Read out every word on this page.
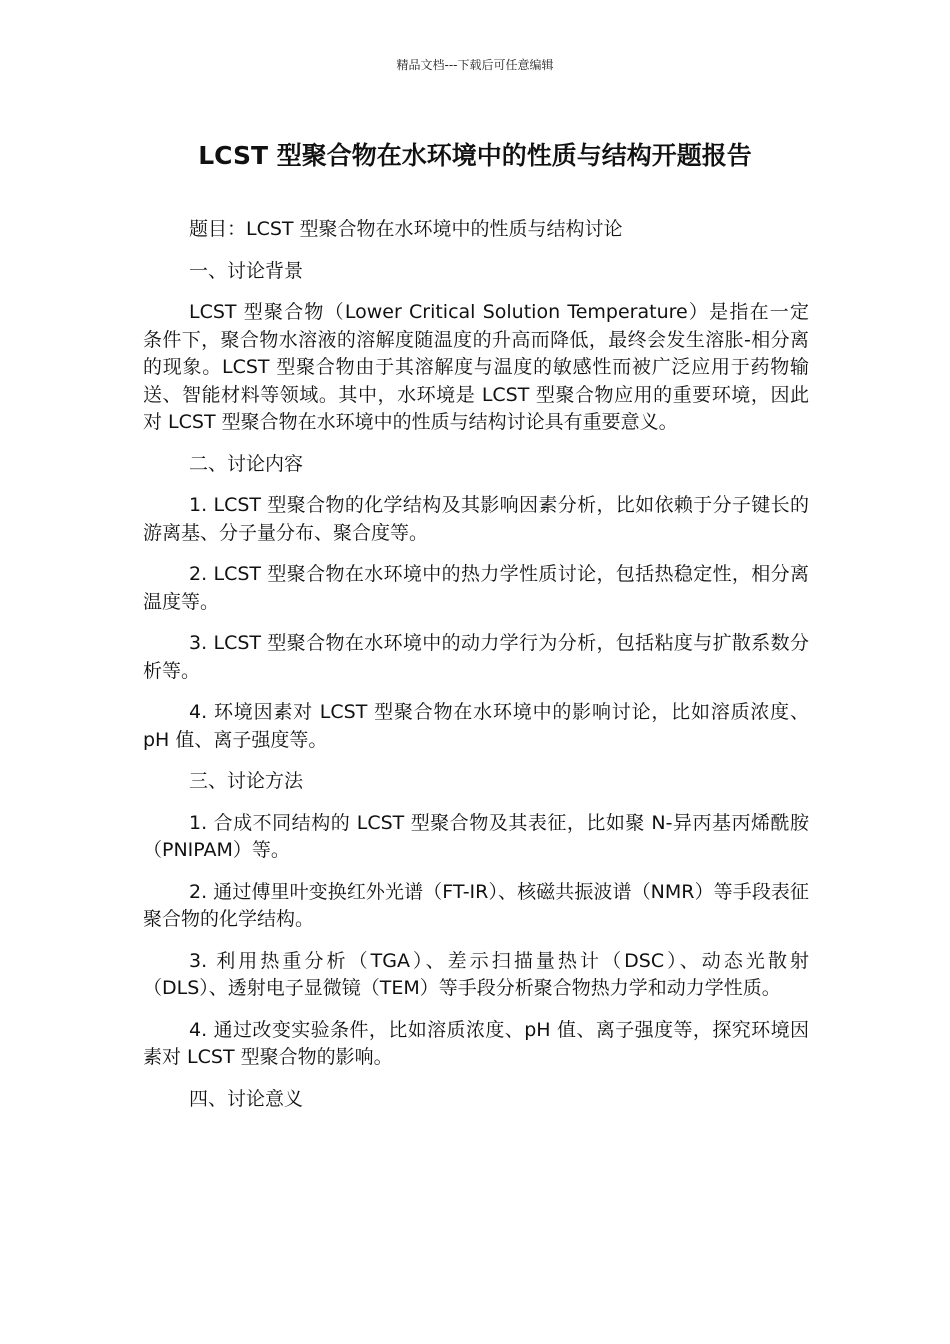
精品文档---下载后可任意编辑
LCST 型聚合物在水环境中的性质与结构开题报告

题目：LCST 型聚合物在水环境中的性质与结构讨论

一、讨论背景

LCST 型聚合物（Lower Critical Solution Temperature）是指在一定条件下，聚合物水溶液的溶解度随温度的升高而降低，最终会发生溶胀-相分离的现象。LCST 型聚合物由于其溶解度与温度的敏感性而被广泛应用于药物输送、智能材料等领域。其中，水环境是 LCST 型聚合物应用的重要环境，因此对 LCST 型聚合物在水环境中的性质与结构讨论具有重要意义。

二、讨论内容

1. LCST 型聚合物的化学结构及其影响因素分析，比如依赖于分子键长的游离基、分子量分布、聚合度等。

2. LCST 型聚合物在水环境中的热力学性质讨论，包括热稳定性，相分离温度等。

3. LCST 型聚合物在水环境中的动力学行为分析，包括粘度与扩散系数分析等。

4. 环境因素对 LCST 型聚合物在水环境中的影响讨论，比如溶质浓度、pH 值、离子强度等。

三、讨论方法

1. 合成不同结构的 LCST 型聚合物及其表征，比如聚 N-异丙基丙烯酰胺（PNIPAM）等。

2. 通过傅里叶变换红外光谱（FT-IR）、核磁共振波谱（NMR）等手段表征聚合物的化学结构。

3. 利用热重分析（TGA）、差示扫描量热计（DSC）、动态光散射（DLS）、透射电子显微镜（TEM）等手段分析聚合物热力学和动力学性质。

4. 通过改变实验条件，比如溶质浓度、pH 值、离子强度等，探究环境因素对 LCST 型聚合物的影响。

四、讨论意义
